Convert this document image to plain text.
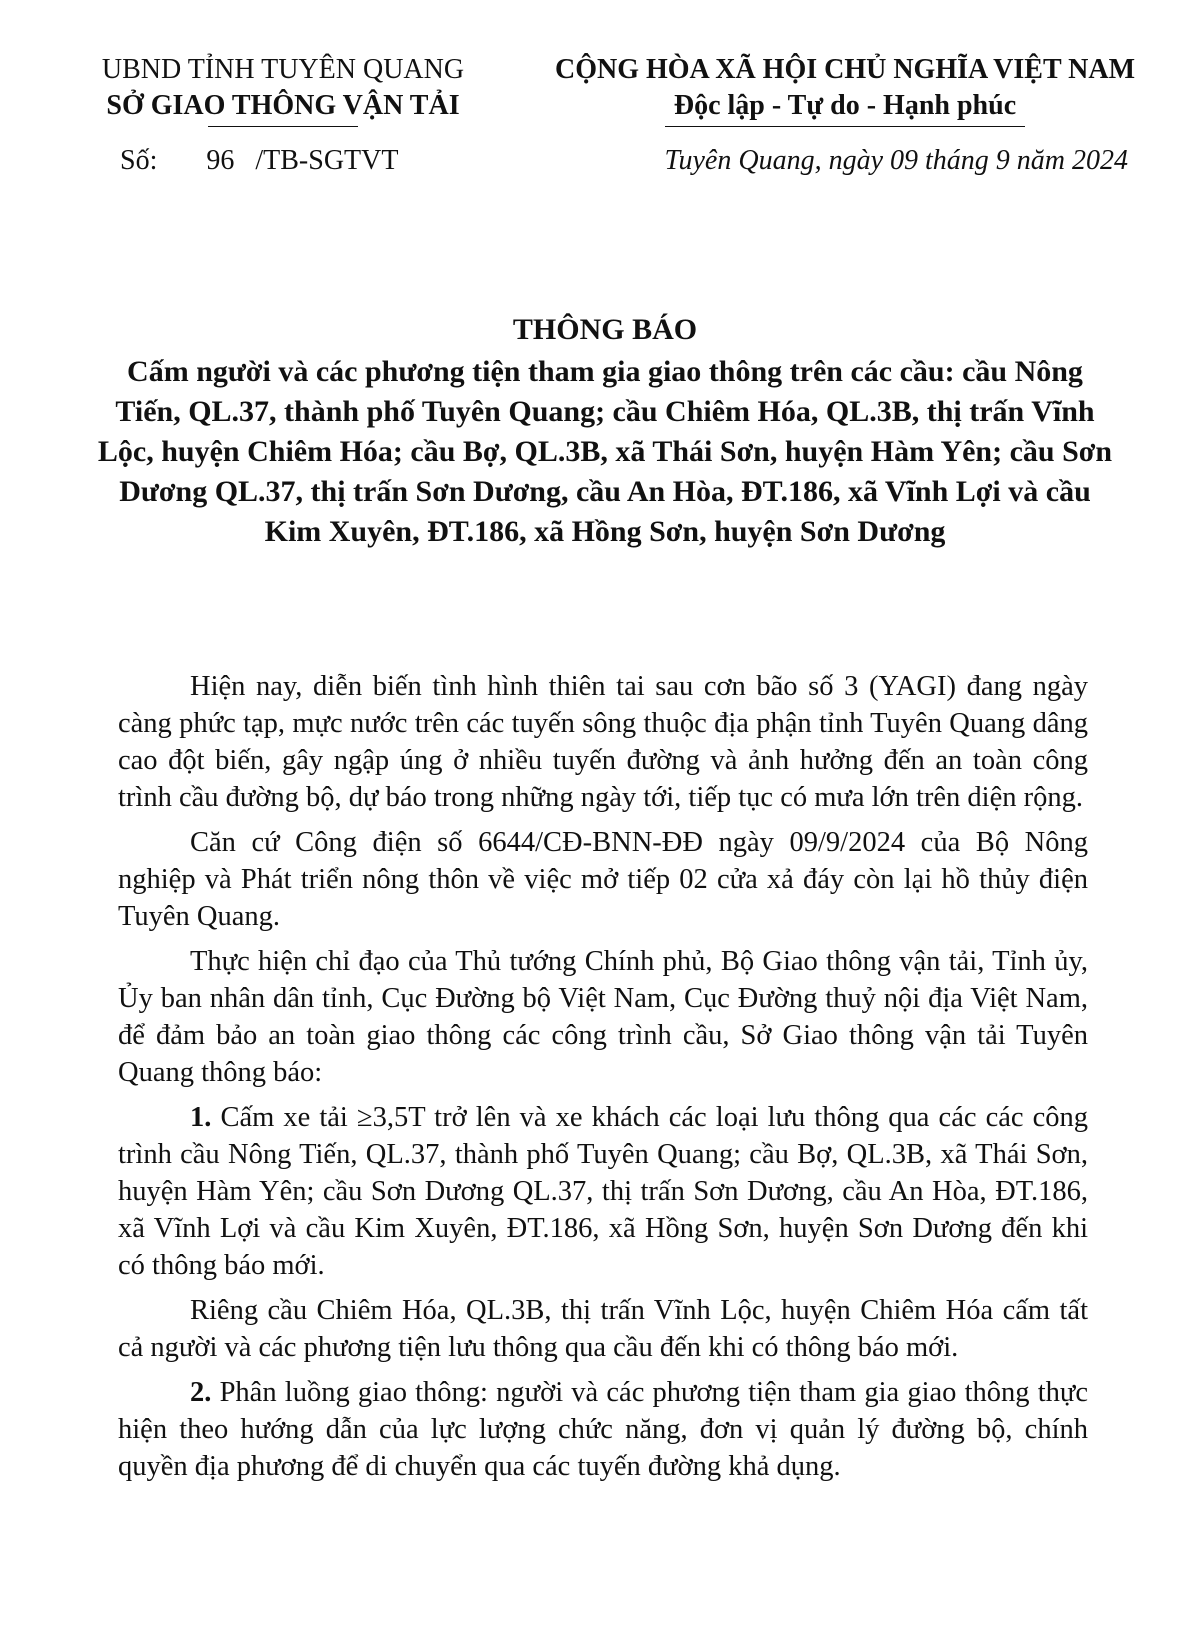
UBND TỈNH TUYÊN QUANG
SỞ GIAO THÔNG VẬN TẢI
CỘNG HÒA XÃ HỘI CHỦ NGHĨA VIỆT NAM
Độc lập - Tự do - Hạnh phúc
Số: 96 /TB-SGTVT	Tuyên Quang, ngày 09 tháng 9 năm 2024
THÔNG BÁO
Cấm người và các phương tiện tham gia giao thông trên các cầu: cầu Nông Tiến, QL.37, thành phố Tuyên Quang; cầu Chiêm Hóa, QL.3B, thị trấn Vĩnh Lộc, huyện Chiêm Hóa; cầu Bợ, QL.3B, xã Thái Sơn, huyện Hàm Yên; cầu Sơn Dương QL.37, thị trấn Sơn Dương, cầu An Hòa, ĐT.186, xã Vĩnh Lợi và cầu Kim Xuyên, ĐT.186, xã Hồng Sơn, huyện Sơn Dương

Hiện nay, diễn biến tình hình thiên tai sau cơn bão số 3 (YAGI) đang ngày càng phức tạp, mực nước trên các tuyến sông thuộc địa phận tỉnh Tuyên Quang dâng cao đột biến, gây ngập úng ở nhiều tuyến đường và ảnh hưởng đến an toàn công trình cầu đường bộ, dự báo trong những ngày tới, tiếp tục có mưa lớn trên diện rộng.

Căn cứ Công điện số 6644/CĐ-BNN-ĐĐ ngày 09/9/2024 của Bộ Nông nghiệp và Phát triển nông thôn về việc mở tiếp 02 cửa xả đáy còn lại hồ thủy điện Tuyên Quang.

Thực hiện chỉ đạo của Thủ tướng Chính phủ, Bộ Giao thông vận tải, Tỉnh ủy, Ủy ban nhân dân tỉnh, Cục Đường bộ Việt Nam, Cục Đường thuỷ nội địa Việt Nam, để đảm bảo an toàn giao thông các công trình cầu, Sở Giao thông vận tải Tuyên Quang thông báo:

1. Cấm xe tải ≥3,5T trở lên và xe khách các loại lưu thông qua các các công trình cầu Nông Tiến, QL.37, thành phố Tuyên Quang; cầu Bợ, QL.3B, xã Thái Sơn, huyện Hàm Yên; cầu Sơn Dương QL.37, thị trấn Sơn Dương, cầu An Hòa, ĐT.186, xã Vĩnh Lợi và cầu Kim Xuyên, ĐT.186, xã Hồng Sơn, huyện Sơn Dương đến khi có thông báo mới.

Riêng cầu Chiêm Hóa, QL.3B, thị trấn Vĩnh Lộc, huyện Chiêm Hóa cấm tất cả người và các phương tiện lưu thông qua cầu đến khi có thông báo mới.

2. Phân luồng giao thông: người và các phương tiện tham gia giao thông thực hiện theo hướng dẫn của lực lượng chức năng, đơn vị quản lý đường bộ, chính quyền địa phương để di chuyển qua các tuyến đường khả dụng.
